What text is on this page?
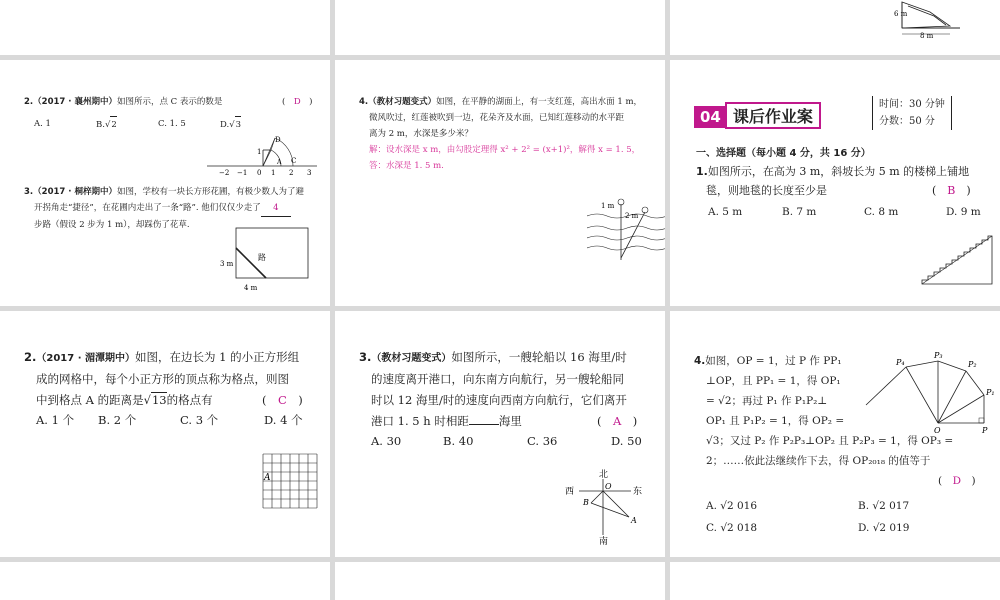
6 m
8 m
2.（2017 · 襄州期中）如图所示，点 C 表示的数是	(　D　)
A. 1	B.√2	C. 1. 5	D.√3
D
1
−2 −1 0 1
A
2 3
C
3.（2017 · 桐梓期中）如图，学校有一块长方形花圃，有极少数人为了避
开拐角走“捷径”，在花圃内走出了一条“路”. 他们仅仅少走了 4
步路（假设 2 步为 1 m），却踩伤了花草.
路
3 m
4 m
4.（教材习题变式）如图，在平静的湖面上，有一支红莲，高出水面 1 m，
微风吹过，红莲被吹到一边，花朵齐及水面，已知红莲移动的水平距
离为 2 m，水深是多少米？
解：设水深是 x m，由勾股定理得 x² + 2² = (x+1)²，解得 x = 1. 5，
答：水深是 1. 5 m.
1 m
2 m
04 课后作业案
时间：30 分钟
分数：50 分
一、选择题（每小题 4 分，共 16 分）
1.如图所示，在高为 3 m，斜坡长为 5 m 的楼梯上铺地
毯，则地毯的长度至少是	(　B　)
A. 5 m	B. 7 m	C. 8 m	D. 9 m
2.（2017 · 湄潭期中）如图，在边长为 1 的小正方形组
成的网格中，每个小正方形的顶点称为格点，则图
中到格点 A 的距离是√13的格点有	(　C　)
A. 1 个	B. 2 个	C. 3 个	D. 4 个
A
3.（教材习题变式）如图所示，一艘轮船以 16 海里/时
的速度离开港口，向东南方向航行，另一艘轮船同
时以 12 海里/时的速度向西南方向航行，它们离开
港口 1. 5 h 时相距	海里	(　A　)
A. 30	B. 40	C. 36	D. 50
北
南
西	东
O
B
A
4.如图，OP = 1，过 P 作 PP₁
⊥OP，且 PP₁ = 1，得 OP₁
= √2；再过 P₁ 作 P₁P₂⊥
OP₁ 且 P₁P₂ = 1，得 OP₂ =
√3；又过 P₂ 作 P₂P₃⊥OP₂ 且 P₂P₃ = 1，得 OP₃ =
2；……依此法继续作下去，得 OP₂₀₁₈ 的值等于
(　D　)

A. √2 016	B. √2 017
C. √2 018	D. √2 019
P₁
P₂
P₃
P₄
O	P
